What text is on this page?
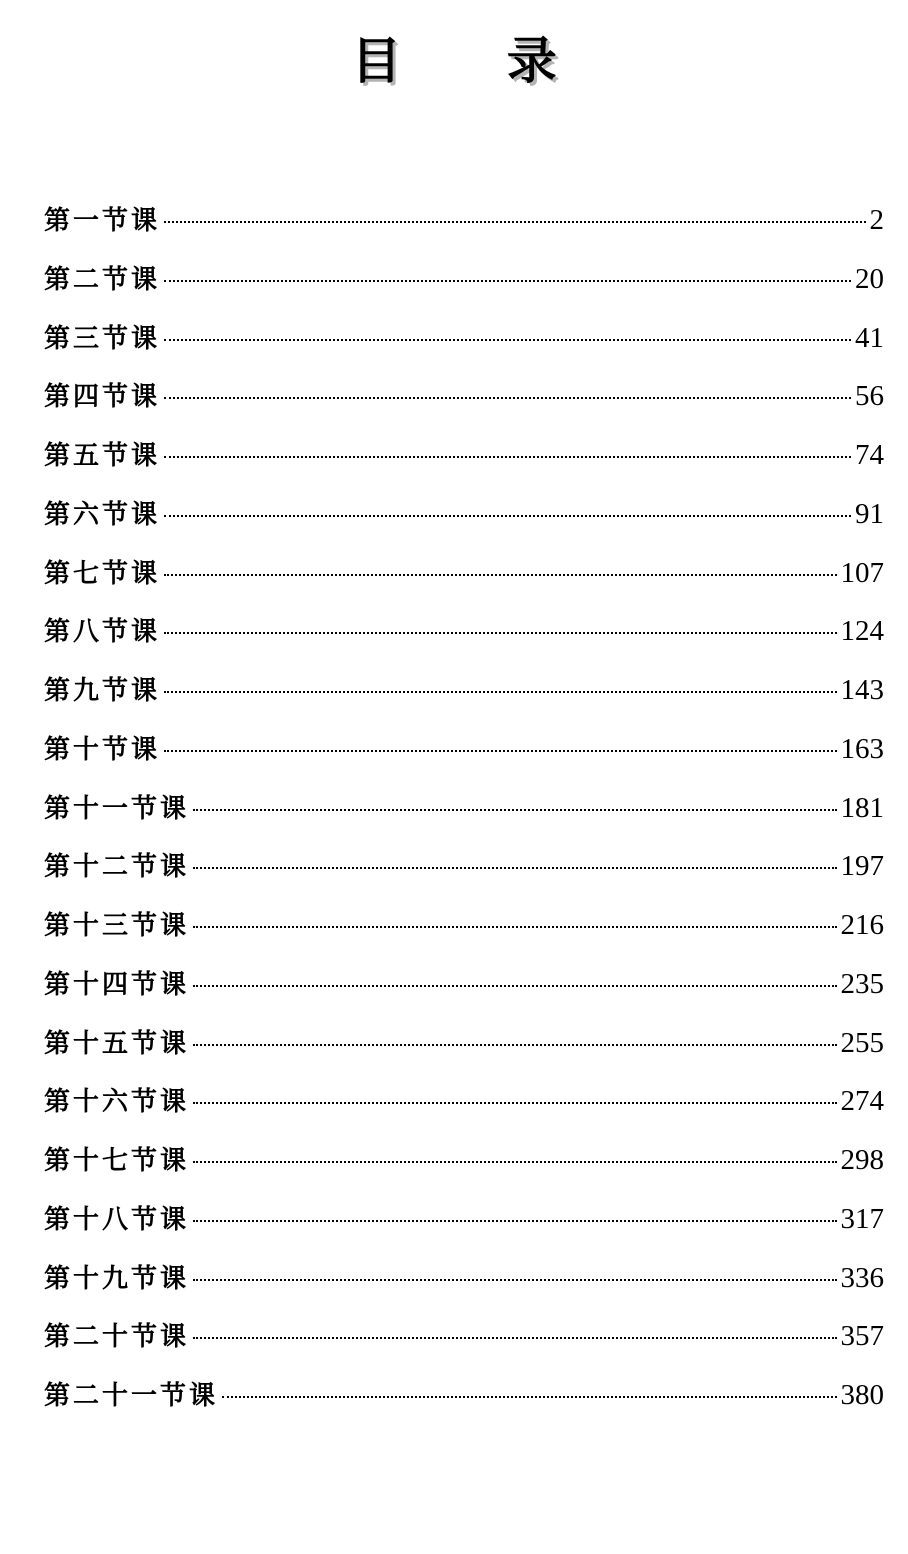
目 录
第一节课	2
第二节课	20
第三节课	41
第四节课	56
第五节课	74
第六节课	91
第七节课	107
第八节课	124
第九节课	143
第十节课	163
第十一节课	181
第十二节课	197
第十三节课	216
第十四节课	235
第十五节课	255
第十六节课	274
第十七节课	298
第十八节课	317
第十九节课	336
第二十节课	357
第二十一节课	380
